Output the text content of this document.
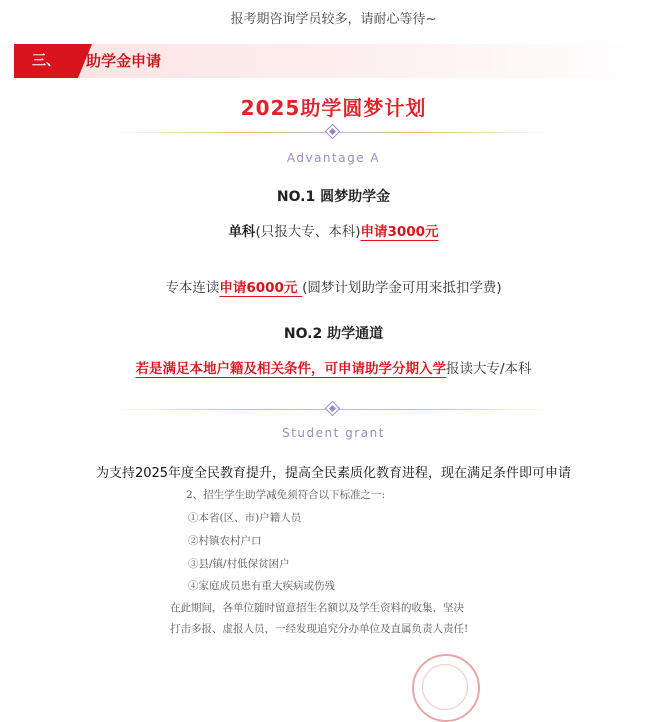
报考期咨询学员较多，请耐心等待~
三、	助学金申请
2025助学圆梦计划
Advantage A
NO.1 圆梦助学金
单科(只报大专、本科)申请3000元
专本连读申请6000元 (圆梦计划助学金可用来抵扣学费)
NO.2 助学通道
若是满足本地户籍及相关条件，可申请助学分期入学报读大专/本科
Student grant
为支持2025年度全民教育提升，提高全民素质化教育进程，现在满足条件即可申请
2、招生学生助学减免须符合以下标准之一:
①本省(区、市)户籍人员
②村镇农村户口
③县/镇/村低保贫困户
④家庭成员患有重大疾病或伤残
在此期间，各单位随时留意招生名额以及学生资料的收集，坚决
打击多报、虚报人员，一经发现追究分办单位及直属负责人责任!
